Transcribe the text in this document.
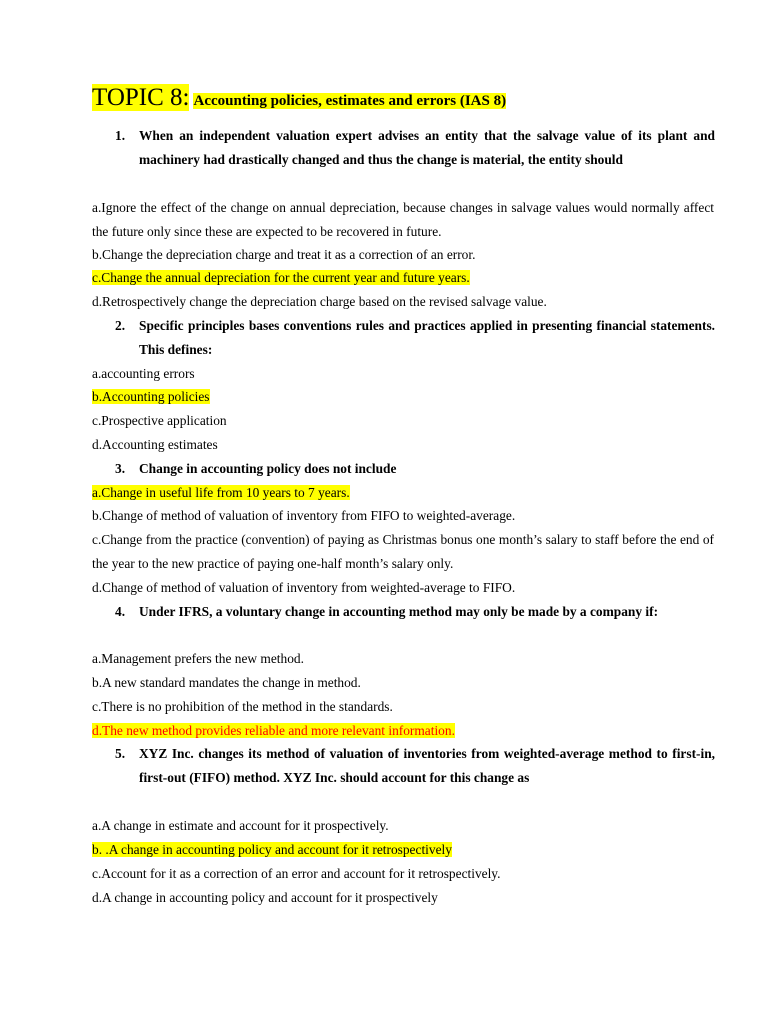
TOPIC 8: Accounting policies, estimates and errors (IAS 8)
1. When an independent valuation expert advises an entity that the salvage value of its plant and machinery had drastically changed and thus the change is material, the entity should
a.Ignore the effect of the change on annual depreciation, because changes in salvage values would normally affect the future only since these are expected to be recovered in future.
b.Change the depreciation charge and treat it as a correction of an error.
c.Change the annual depreciation for the current year and future years.
d.Retrospectively change the depreciation charge based on the revised salvage value.
2. Specific principles bases conventions rules and practices applied in presenting financial statements. This defines:
a.accounting errors
b.Accounting policies
c.Prospective application
d.Accounting estimates
3. Change in accounting policy does not include
a.Change in useful life from 10 years to 7 years.
b.Change of method of valuation of inventory from FIFO to weighted-average.
c.Change from the practice (convention) of paying as Christmas bonus one month’s salary to staff before the end of the year to the new practice of paying one-half month’s salary only.
d.Change of method of valuation of inventory from weighted-average to FIFO.
4. Under IFRS, a voluntary change in accounting method may only be made by a company if:
a.Management prefers the new method.
b.A new standard mandates the change in method.
c.There is no prohibition of the method in the standards.
d.The new method provides reliable and more relevant information.
5. XYZ Inc. changes its method of valuation of inventories from weighted-average method to first-in, first-out (FIFO) method. XYZ Inc. should account for this change as
a.A change in estimate and account for it prospectively.
b. .A change in accounting policy and account for it retrospectively
c.Account for it as a correction of an error and account for it retrospectively.
d.A change in accounting policy and account for it prospectively
